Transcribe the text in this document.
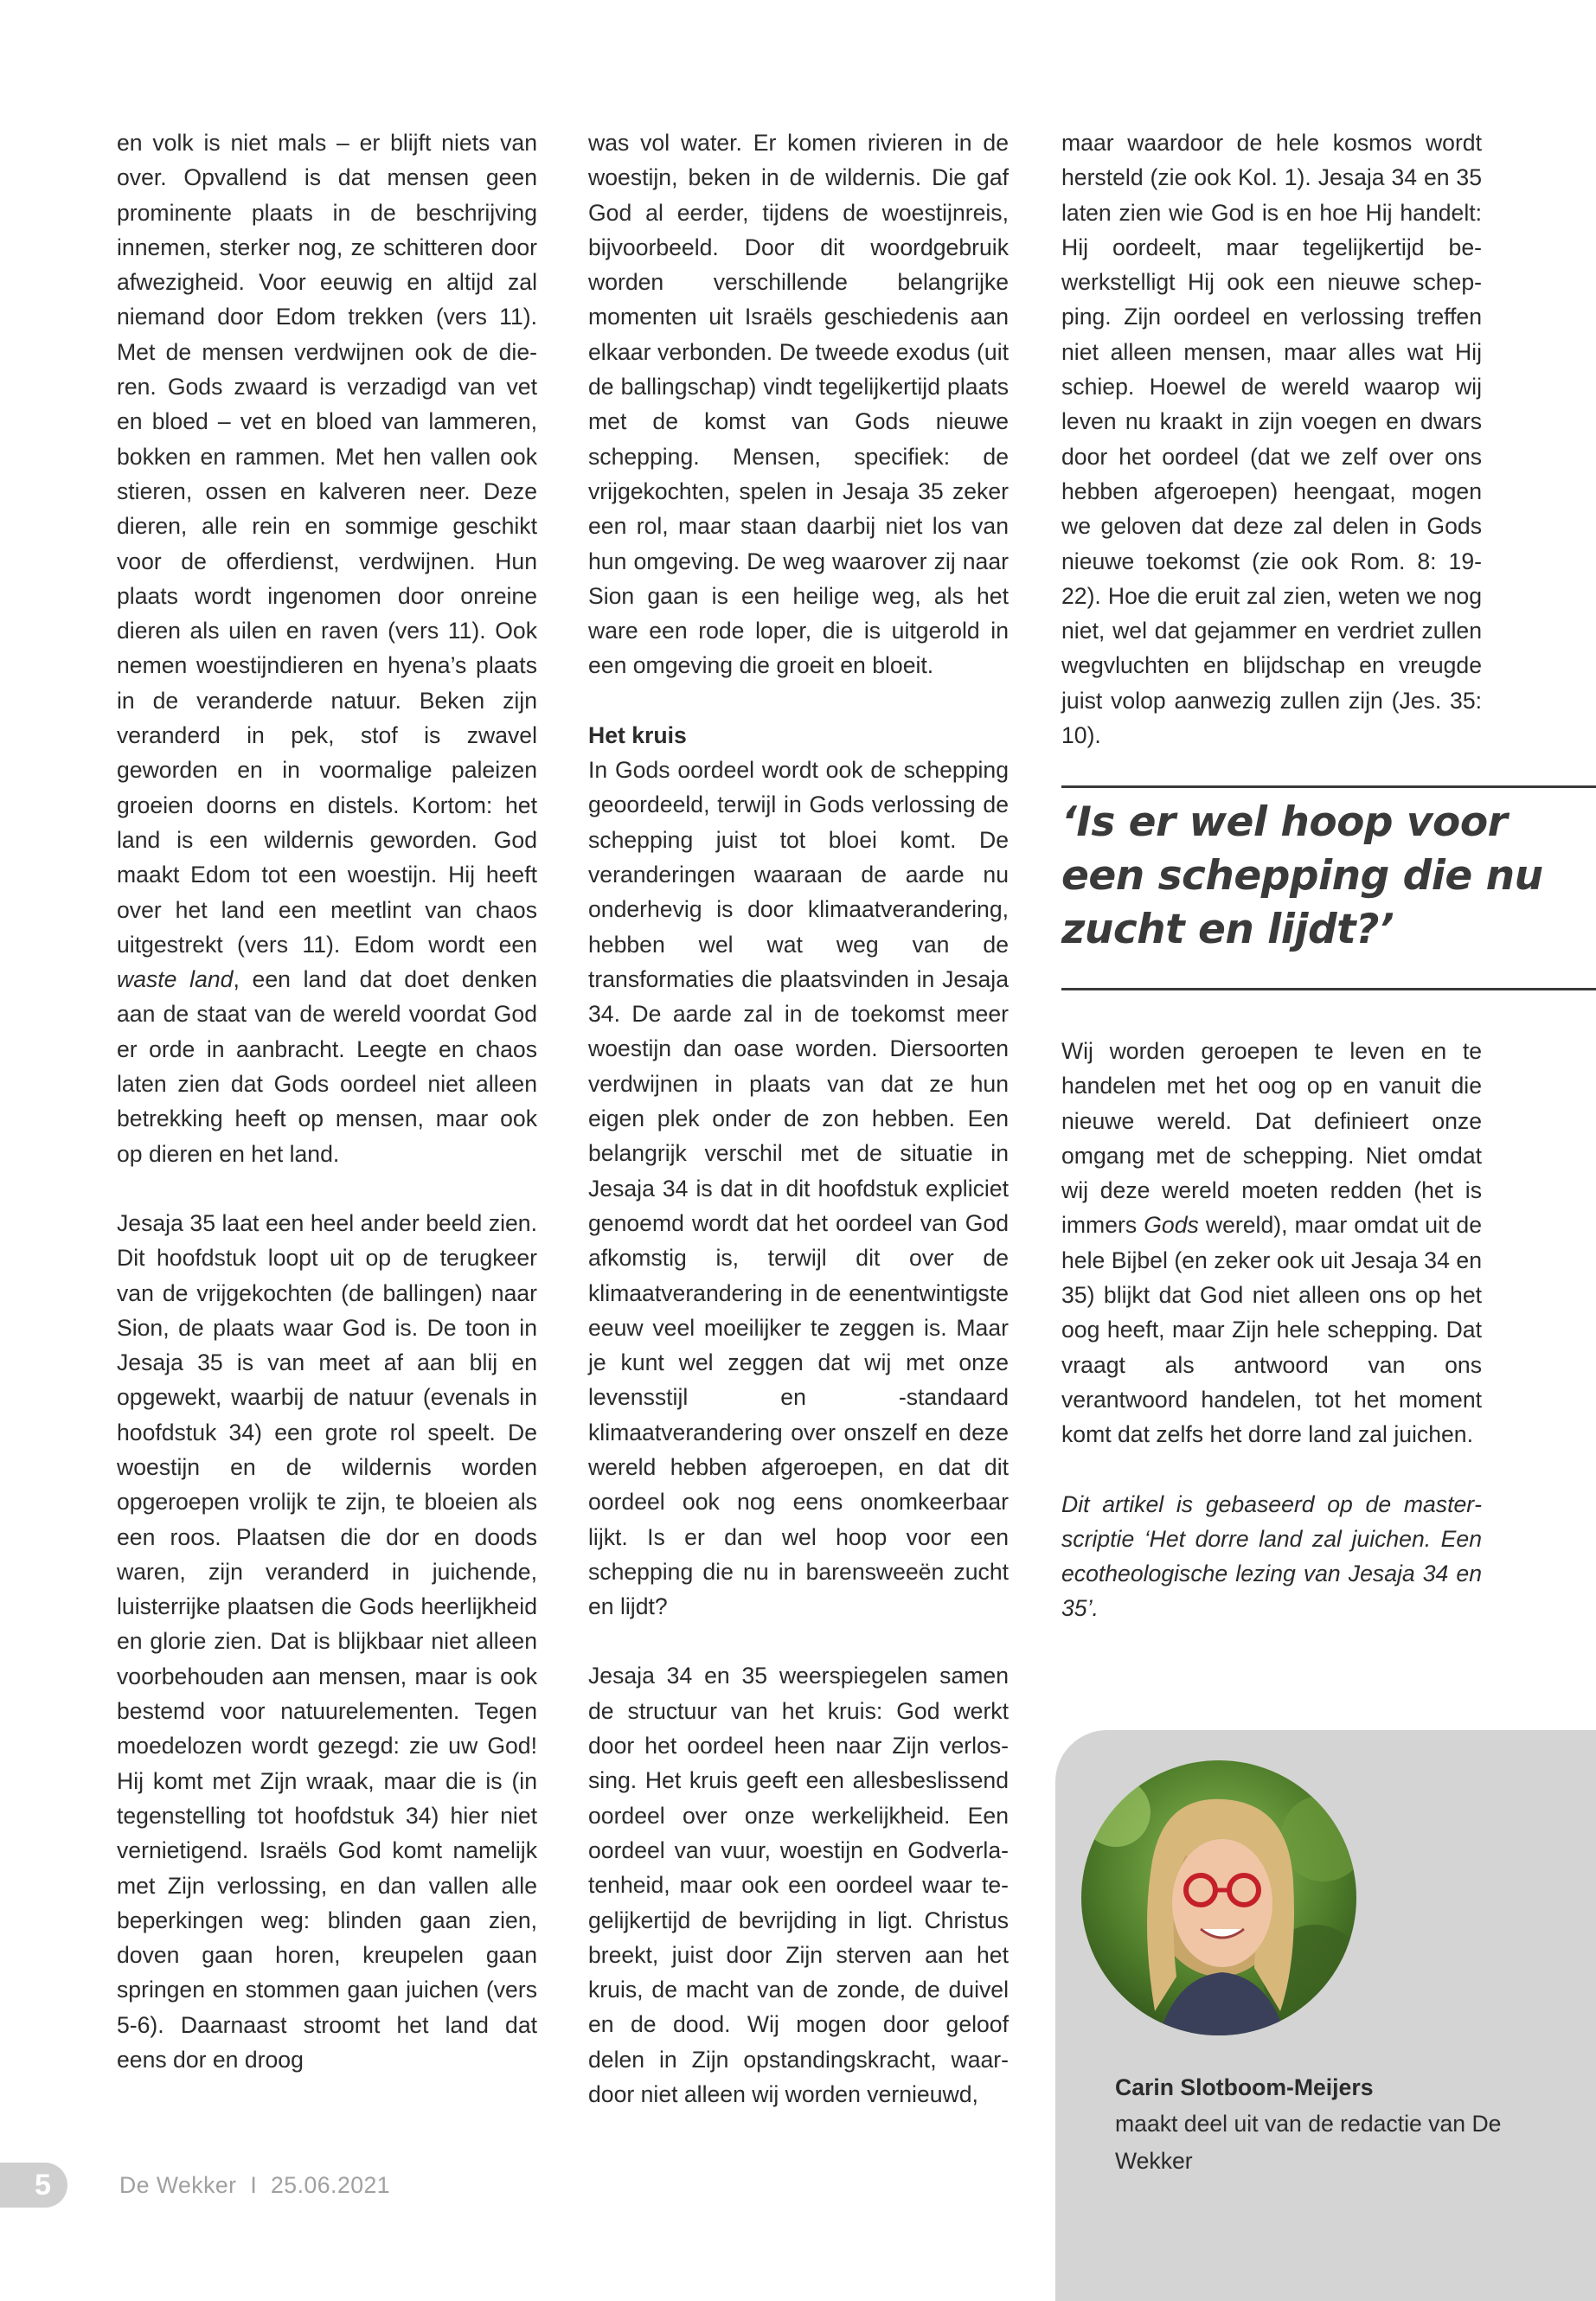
en volk is niet mals – er blijft niets van over. Opvallend is dat mensen geen prominente plaats in de beschrijving innemen, sterker nog, ze schitteren door afwezigheid. Voor eeuwig en altijd zal niemand door Edom trekken (vers 11). Met de mensen verdwijnen ook de dieren. Gods zwaard is verzadigd van vet en bloed – vet en bloed van lammeren, bokken en rammen. Met hen vallen ook stieren, ossen en kalveren neer. Deze dieren, alle rein en sommige geschikt voor de offerdienst, verdwijnen. Hun plaats wordt ingenomen door onreine dieren als uilen en raven (vers 11). Ook nemen woestijndieren en hyena’s plaats in de veranderde natuur. Beken zijn veranderd in pek, stof is zwavel geworden en in voormalige paleizen groeien doorns en distels. Kortom: het land is een wildernis geworden. God maakt Edom tot een woestijn. Hij heeft over het land een meetlint van chaos uitgestrekt (vers 11). Edom wordt een waste land, een land dat doet denken aan de staat van de wereld voordat God er orde in aanbracht. Leegte en chaos laten zien dat Gods oordeel niet alleen betrekking heeft op mensen, maar ook op dieren en het land.

Jesaja 35 laat een heel ander beeld zien. Dit hoofdstuk loopt uit op de terugkeer van de vrijgekochten (de ballingen) naar Sion, de plaats waar God is. De toon in Jesaja 35 is van meet af aan blij en opgewekt, waarbij de natuur (evenals in hoofdstuk 34) een grote rol speelt. De woestijn en de wildernis worden opgeroepen vrolijk te zijn, te bloeien als een roos. Plaatsen die dor en doods waren, zijn veranderd in juichende, luisterrijke plaatsen die Gods heerlijkheid en glorie zien. Dat is blijkbaar niet alleen voorbehouden aan mensen, maar is ook bestemd voor natuurelementen. Tegen moedelozen wordt gezegd: zie uw God! Hij komt met Zijn wraak, maar die is (in tegenstelling tot hoofdstuk 34) hier niet vernietigend. Israëls God komt namelijk met Zijn verlossing, en dan vallen alle beperkingen weg: blinden gaan zien, doven gaan horen, kreupelen gaan springen en stommen gaan juichen (vers 5-6). Daarnaast stroomt het land dat eens dor en droog

was vol water. Er komen rivieren in de woestijn, beken in de wildernis. Die gaf God al eerder, tijdens de woestijnreis, bijvoorbeeld. Door dit woordgebruik worden verschillende belangrijke momenten uit Israëls geschiedenis aan elkaar verbonden. De tweede exodus (uit de ballingschap) vindt tegelijkertijd plaats met de komst van Gods nieuwe schepping. Mensen, specifiek: de vrijgekochten, spelen in Jesaja 35 zeker een rol, maar staan daarbij niet los van hun omgeving. De weg waarover zij naar Sion gaan is een heilige weg, als het ware een rode loper, die is uitgerold in een omgeving die groeit en bloeit.

Het kruis

In Gods oordeel wordt ook de schepping geoordeeld, terwijl in Gods verlossing de schepping juist tot bloei komt. De veranderingen waaraan de aarde nu onderhevig is door klimaatverandering, hebben wel wat weg van de transformaties die plaatsvinden in Jesaja 34. De aarde zal in de toekomst meer woestijn dan oase worden. Diersoorten verdwijnen in plaats van dat ze hun eigen plek onder de zon hebben. Een belangrijk verschil met de situatie in Jesaja 34 is dat in dit hoofdstuk expliciet genoemd wordt dat het oordeel van God afkomstig is, terwijl dit over de klimaatverandering in de eenentwintigste eeuw veel moeilijker te zeggen is. Maar je kunt wel zeggen dat wij met onze levensstijl en -standaard klimaatverandering over onszelf en deze wereld hebben afgeroepen, en dat dit oordeel ook nog eens onomkeerbaar lijkt. Is er dan wel hoop voor een schepping die nu in barensweeën zucht en lijdt?

Jesaja 34 en 35 weerspiegelen samen de structuur van het kruis: God werkt door het oordeel heen naar Zijn verlossing. Het kruis geeft een allesbeslissend oordeel over onze werkelijkheid. Een oordeel van vuur, woestijn en Godverlatenheid, maar ook een oordeel waar tegelijkertijd de bevrijding in ligt. Christus breekt, juist door Zijn sterven aan het kruis, de macht van de zonde, de duivel en de dood. Wij mogen door geloof delen in Zijn opstandingskracht, waardoor niet alleen wij worden vernieuwd,

maar waardoor de hele kosmos wordt hersteld (zie ook Kol. 1). Jesaja 34 en 35 laten zien wie God is en hoe Hij handelt: Hij oordeelt, maar tegelijkertijd bewerkstelligt Hij ook een nieuwe schepping. Zijn oordeel en verlossing treffen niet alleen mensen, maar alles wat Hij schiep. Hoewel de wereld waarop wij leven nu kraakt in zijn voegen en dwars door het oordeel (dat we zelf over ons hebben afgeroepen) heengaat, mogen we geloven dat deze zal delen in Gods nieuwe toekomst (zie ook Rom. 8: 19-22). Hoe die eruit zal zien, weten we nog niet, wel dat gejammer en verdriet zullen wegvluchten en blijdschap en vreugde juist volop aanwezig zullen zijn (Jes. 35: 10).

‘Is er wel hoop voor een schepping die nu zucht en lijdt?’

Wij worden geroepen te leven en te handelen met het oog op en vanuit die nieuwe wereld. Dat definieert onze omgang met de schepping. Niet omdat wij deze wereld moeten redden (het is immers Gods wereld), maar omdat uit de hele Bijbel (en zeker ook uit Jesaja 34 en 35) blijkt dat God niet alleen ons op het oog heeft, maar Zijn hele schepping. Dat vraagt als antwoord van ons verantwoord handelen, tot het moment komt dat zelfs het dorre land zal juichen.

Dit artikel is gebaseerd op de masterscriptie ‘Het dorre land zal juichen. Een ecotheologische lezing van Jesaja 34 en 35’.

Carin Slotboom-Meijers
maakt deel uit van de redactie van De Wekker
5	De Wekker I 25.06.2021
